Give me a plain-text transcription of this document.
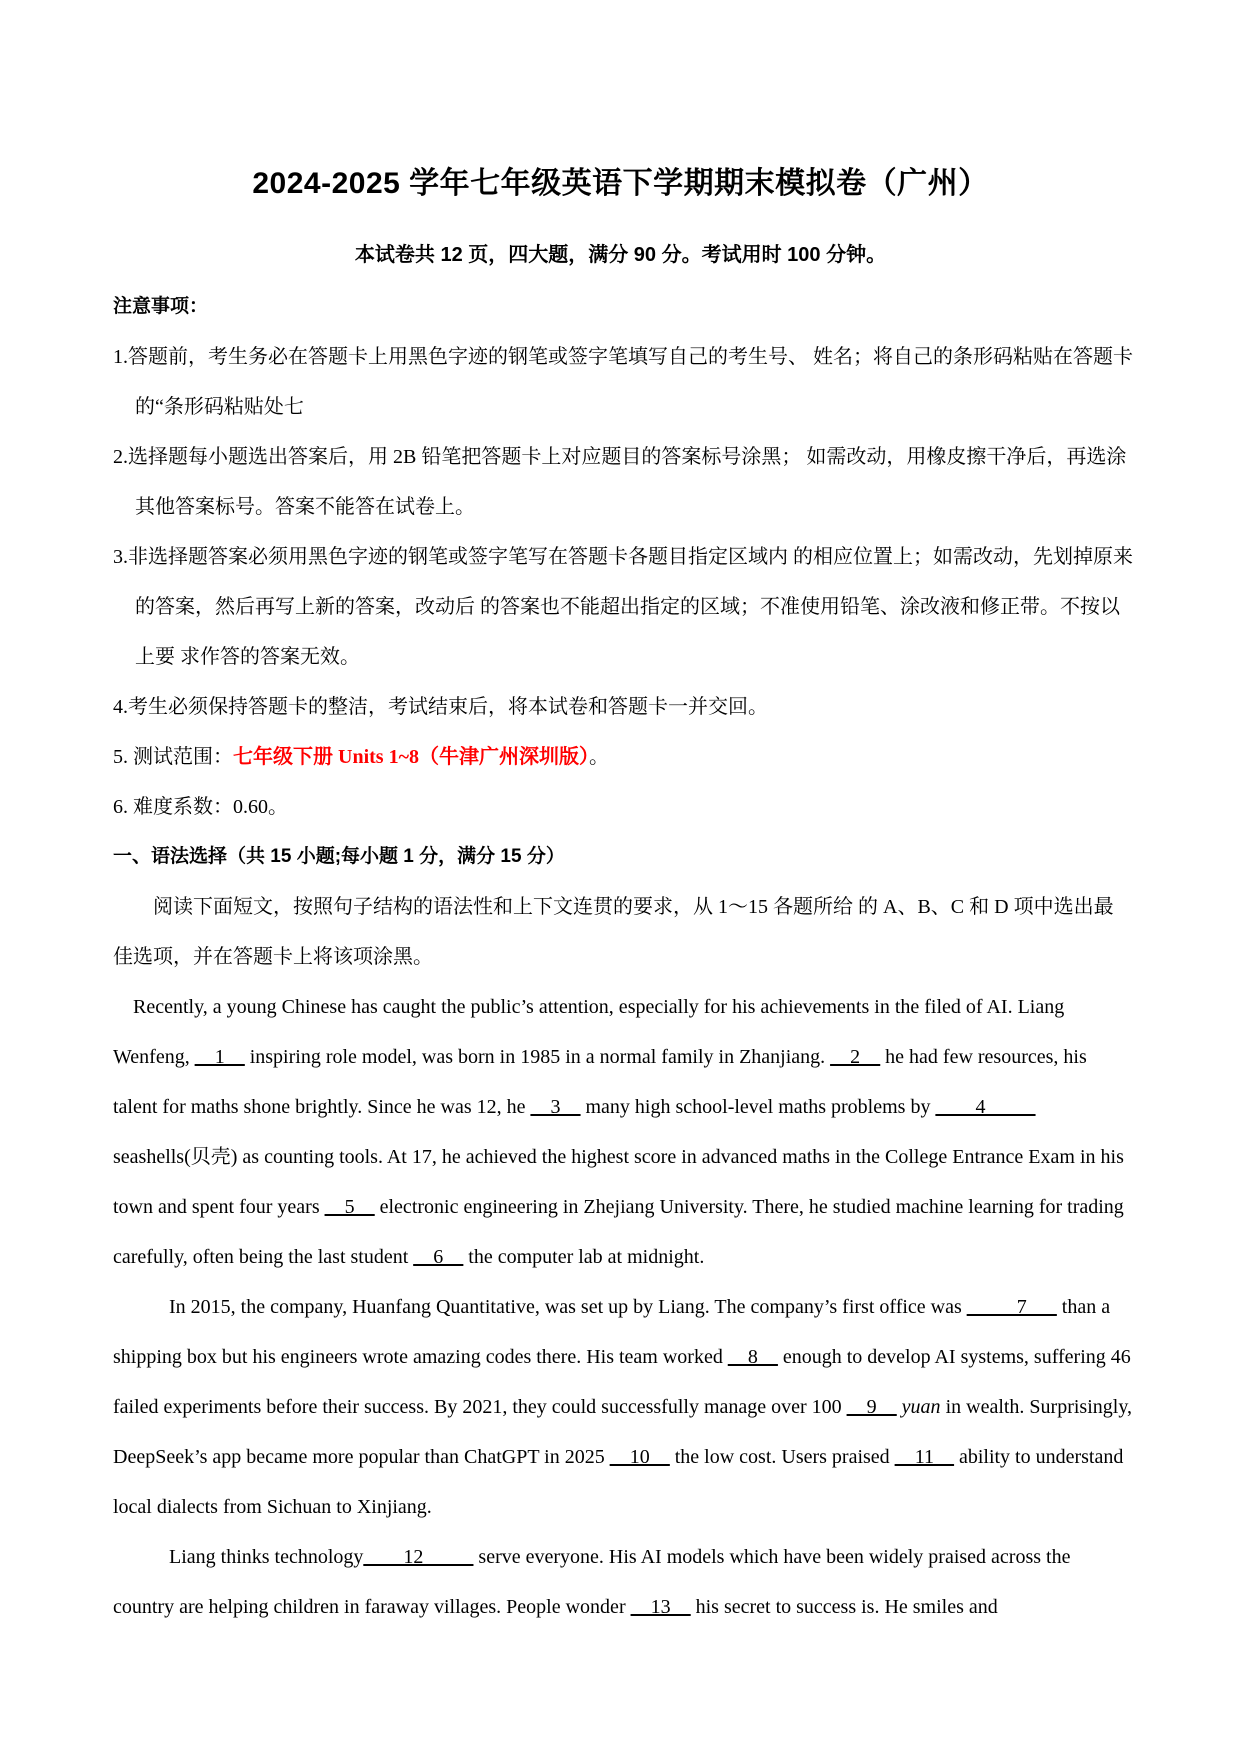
2024-2025 学年七年级英语下学期期末模拟卷（广州）
本试卷共 12 页，四大题，满分 90 分。考试用时 100 分钟。

注意事项：

1.答题前，考生务必在答题卡上用黑色字迹的钢笔或签字笔填写自己的考生号、 姓名；将自己的条形码粘贴在答题卡的“条形码粘贴处七

2.选择题每小题选出答案后，用 2B 铅笔把答题卡上对应题目的答案标号涂黑； 如需改动，用橡皮擦干净后，再选涂其他答案标号。答案不能答在试卷上。

3.非选择题答案必须用黑色字迹的钢笔或签字笔写在答题卡各题目指定区域内 的相应位置上；如需改动，先划掉原来的答案，然后再写上新的答案，改动后 的答案也不能超出指定的区域；不准使用铅笔、涂改液和修正带。不按以上要 求作答的答案无效。

4.考生必须保持答题卡的整洁，考试结束后，将本试卷和答题卡一并交回。

5. 测试范围：七年级下册 Units 1~8（牛津广州深圳版）。

6. 难度系数：0.60。

一、语法选择（共 15 小题;每小题 1 分，满分 15 分）

阅读下面短文，按照句子结构的语法性和上下文连贯的要求，从 1〜15 各题所给 的 A、B、C 和 D 项中选出最佳选项，并在答题卡上将该项涂黑。

Recently, a young Chinese has caught the public’s attention, especially for his achievements in the filed of AI. Liang Wenfeng, __1__ inspiring role model, was born in 1985 in a normal family in Zhanjiang. __2__ he had few resources, his talent for maths shone brightly. Since he was 12, he __3__ many high school-level maths problems by ____4_____ seashells(贝壳) as counting tools. At 17, he achieved the highest score in advanced maths in the College Entrance Exam in his town and spent four years __5__ electronic engineering in Zhejiang University. There, he studied machine learning for trading carefully, often being the last student __6__ the computer lab at midnight.

In 2015, the company, Huanfang Quantitative, was set up by Liang. The company’s first office was _____7___ than a shipping box but his engineers wrote amazing codes there. His team worked __8__ enough to develop AI systems, suffering 46 failed experiments before their success. By 2021, they could successfully manage over 100 __9__ yuan in wealth. Surprisingly, DeepSeek’s app became more popular than ChatGPT in 2025 __10__ the low cost. Users praised __11__ ability to understand local dialects from Sichuan to Xinjiang.

Liang thinks technology____12_____ serve everyone. His AI models which have been widely praised across the country are helping children in faraway villages. People wonder __13__ his secret to success is. He smiles and
